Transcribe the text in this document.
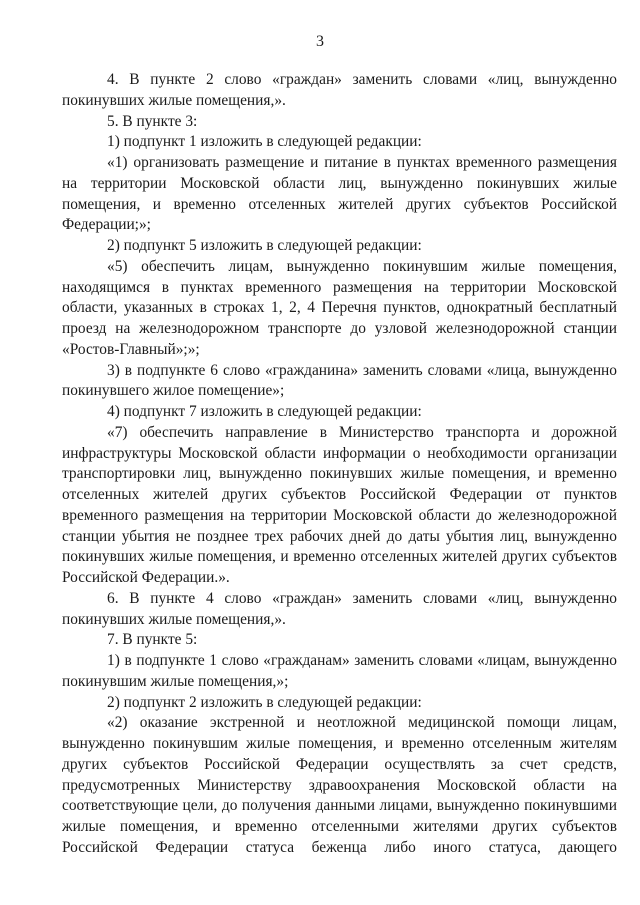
3

4. В пункте 2 слово «граждан» заменить словами «лиц, вынужденно покинувших жилые помещения,».

5. В пункте 3:

1) подпункт 1 изложить в следующей редакции:

«1) организовать размещение и питание в пунктах временного размещения на территории Московской области лиц, вынужденно покинувших жилые помещения, и временно отселенных жителей других субъектов Российской Федерации;»;

2) подпункт 5 изложить в следующей редакции:

«5) обеспечить лицам, вынужденно покинувшим жилые помещения, находящимся в пунктах временного размещения на территории Московской области, указанных в строках 1, 2, 4 Перечня пунктов, однократный бесплатный проезд на железнодорожном транспорте до узловой железнодорожной станции «Ростов-Главный»;»;

3) в подпункте 6 слово «гражданина» заменить словами «лица, вынужденно покинувшего жилое помещение»;

4) подпункт 7 изложить в следующей редакции:

«7) обеспечить направление в Министерство транспорта и дорожной инфраструктуры Московской области информации о необходимости организации транспортировки лиц, вынужденно покинувших жилые помещения, и временно отселенных жителей других субъектов Российской Федерации от пунктов временного размещения на территории Московской области до железнодорожной станции убытия не позднее трех рабочих дней до даты убытия лиц, вынужденно покинувших жилые помещения, и временно отселенных жителей других субъектов Российской Федерации.».

6. В пункте 4 слово «граждан» заменить словами «лиц, вынужденно покинувших жилые помещения,».

7. В пункте 5:

1) в подпункте 1 слово «гражданам» заменить словами «лицам, вынужденно покинувшим жилые помещения,»;

2) подпункт 2 изложить в следующей редакции:

«2) оказание экстренной и неотложной медицинской помощи лицам, вынужденно покинувшим жилые помещения, и временно отселенным жителям других субъектов Российской Федерации осуществлять за счет средств, предусмотренных Министерству здравоохранения Московской области на соответствующие цели, до получения данными лицами, вынужденно покинувшими жилые помещения, и временно отселенными жителями других субъектов Российской Федерации статуса беженца либо иного статуса, дающего
